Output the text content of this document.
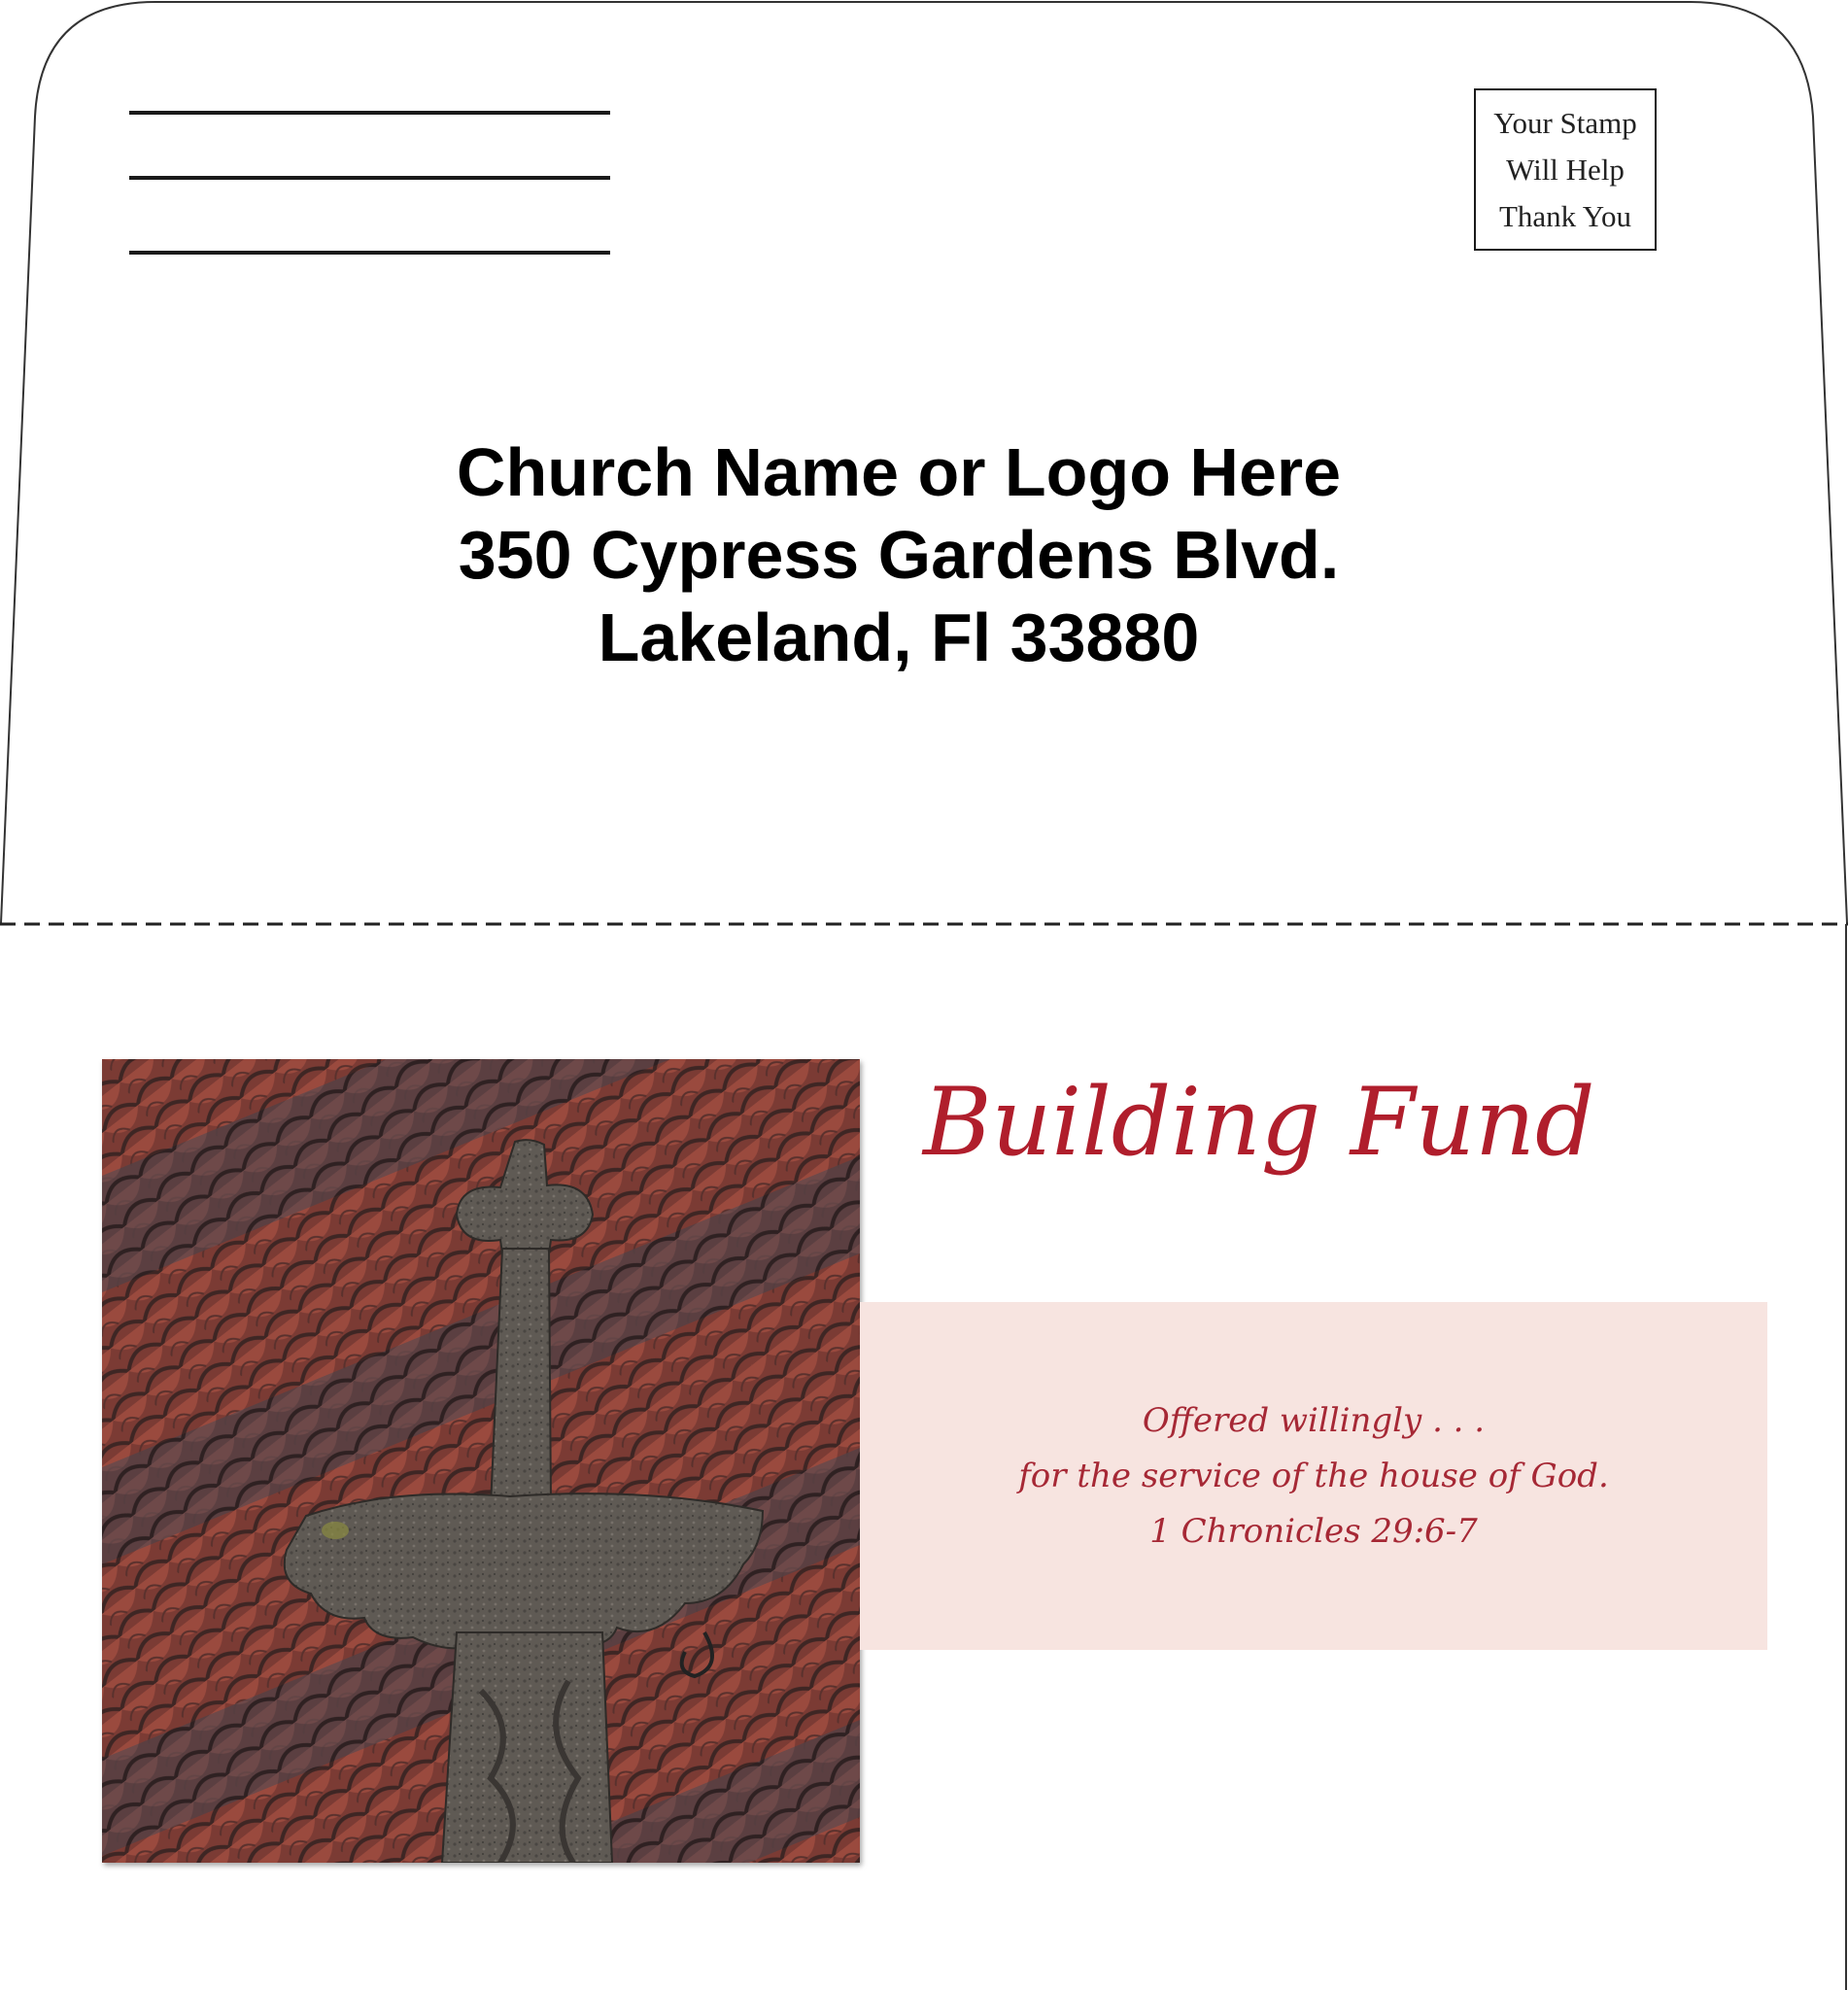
Your Stamp
Will Help
Thank You
Church Name or Logo Here
350 Cypress Gardens Blvd.
Lakeland, Fl 33880
Building Fund
Offered willingly . . .
for the service of the house of God.
1 Chronicles 29:6-7
